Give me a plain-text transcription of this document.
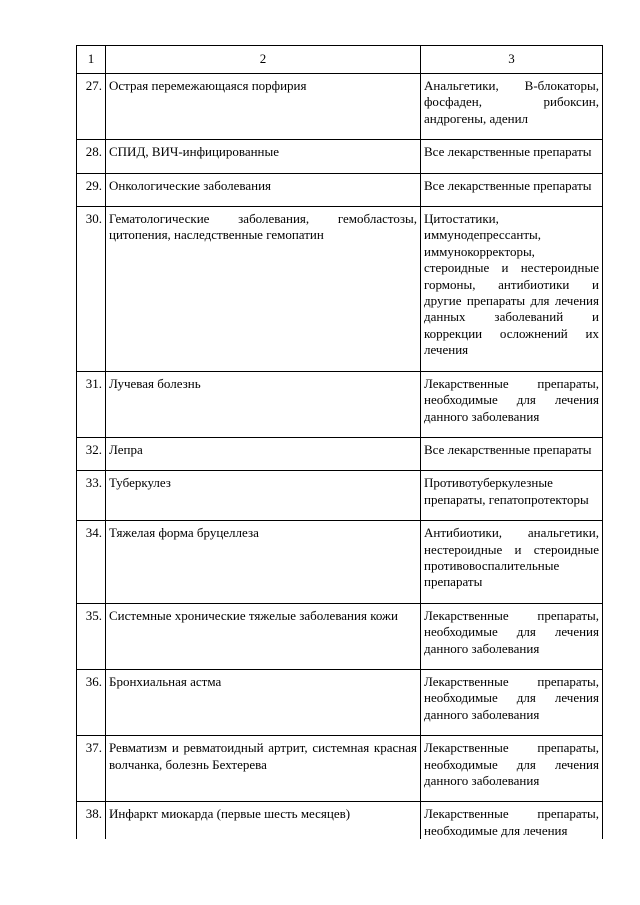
1	2	3
27.	Острая перемежающаяся порфирия	Анальгетики, В-блокаторы, фосфаден, рибоксин, андрогены, аденил
28.	СПИД, ВИЧ-инфицированные	Все лекарственные препараты
29.	Онкологические заболевания	Все лекарственные препараты
30.	Гематологические заболевания, гемобластозы, цитопения, наследственные гемопатин	Цитостатики, иммунодепрессанты, иммунокорректоры, стероидные и нестероидные гормоны, антибиотики и другие препараты для лечения данных заболеваний и коррекции осложнений их лечения
31.	Лучевая болезнь	Лекарственные препараты, необходимые для лечения данного заболевания
32.	Лепра	Все лекарственные препараты
33.	Туберкулез	Противотуберкулезные препараты, гепатопротекторы
34.	Тяжелая форма бруцеллеза	Антибиотики, анальгетики, нестероидные и стероидные противовоспалительные препараты
35.	Системные хронические тяжелые заболевания кожи	Лекарственные препараты, необходимые для лечения данного заболевания
36.	Бронхиальная астма	Лекарственные препараты, необходимые для лечения данного заболевания
37.	Ревматизм и ревматоидный артрит, системная красная волчанка, болезнь Бехтерева	Лекарственные препараты, необходимые для лечения данного заболевания
38.	Инфаркт миокарда (первые шесть месяцев)	Лекарственные препараты, необходимые для лечения
